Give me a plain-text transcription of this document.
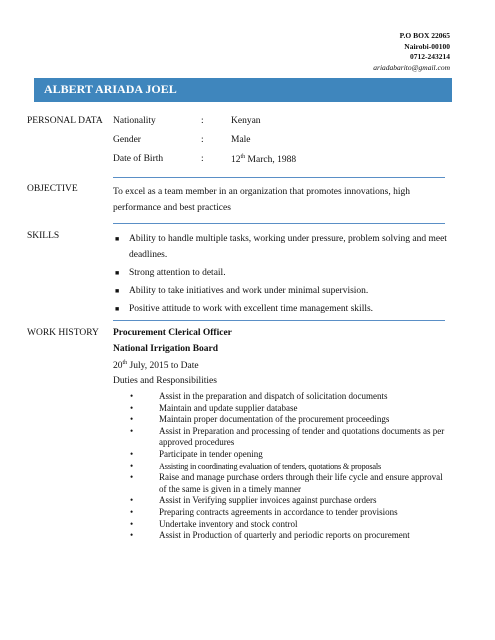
P.O BOX 22065
Nairobi-00100
0712-243214
ariadabarito@gmail.com
ALBERT ARIADA JOEL
PERSONAL DATA Nationality	:	Kenyan
Gender	:	Male
Date of Birth	:	12th March, 1988
OBJECTIVE	To excel as a team member in an organization that promotes innovations, high performance and best practices
SKILLS	■ Ability to handle multiple tasks, working under pressure, problem solving and meet deadlines.
■ Strong attention to detail.
■ Ability to take initiatives and work under minimal supervision.
■ Positive attitude to work with excellent time management skills.
WORK HISTORY Procurement Clerical Officer
National Irrigation Board
20th July, 2015 to Date
Duties and Responsibilities
•	Assist in the preparation and dispatch of solicitation documents
•	Maintain and update supplier database
•	Maintain proper documentation of the procurement proceedings
•	Assist in Preparation and processing of tender and quotations documents as per approved procedures
•	Participate in tender opening
•	Assisting in coordinating evaluation of tenders, quotations & proposals
•	Raise and manage purchase orders through their life cycle and ensure approval of the same is given in a timely manner
•	Assist in Verifying supplier invoices against purchase orders
•	Preparing contracts agreements in accordance to tender provisions
•	Undertake inventory and stock control
•	Assist in Production of quarterly and periodic reports on procurement
